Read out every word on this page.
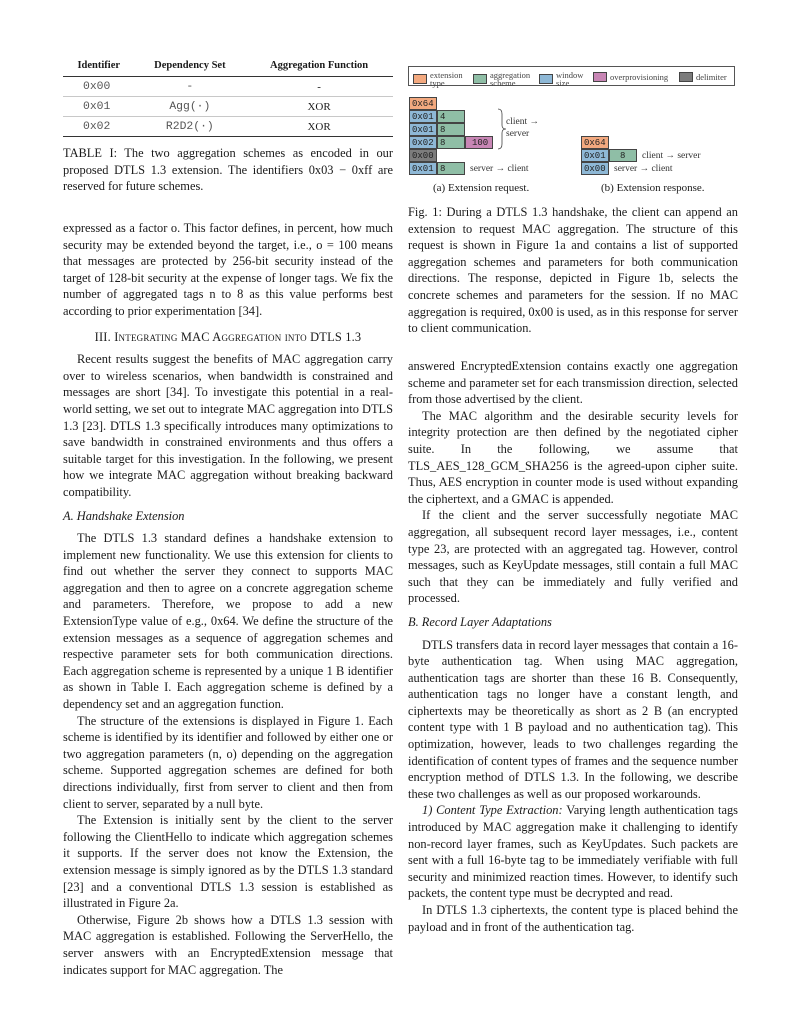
Identifier	Dependency Set	Aggregation Function
0x00	-	-
0x01	Agg(·)	XOR
0x02	R2D2(·)	XOR
TABLE I: The two aggregation schemes as encoded in our proposed DTLS 1.3 extension. The identifiers 0x03 − 0xff are reserved for future schemes.
extension
type
aggregation
scheme
window
size
overprovisioning	delimiter
0x64
0x01 4
0x01 8
0x02 8	100
0x00
0x01 8
client →
server
server → client
0x64
0x01	8
0x00
client → server
server → client
(a) Extension request.	(b) Extension response.
Fig. 1: During a DTLS 1.3 handshake, the client can append an extension to request MAC aggregation. The structure of this request is shown in Figure 1a and contains a list of supported aggregation schemes and parameters for both communication directions. The response, depicted in Figure 1b, selects the concrete schemes and parameters for the session. If no MAC aggregation is required, 0x00 is used, as in this response for server to client communication.

expressed as a factor o. This factor defines, in percent, how much security may be extended beyond the target, i.e., o = 100 means that messages are protected by 256-bit security instead of the target of 128-bit security at the expense of longer tags. We fix the number of aggregated tags n to 8 as this value performs best according to prior experimentation [34].

III. Integrating MAC Aggregation into DTLS 1.3

Recent results suggest the benefits of MAC aggregation carry over to wireless scenarios, when bandwidth is constrained and messages are short [34]. To investigate this potential in a real-world setting, we set out to integrate MAC aggregation into DTLS 1.3 [23]. DTLS 1.3 specifically introduces many optimizations to save bandwidth in constrained environments and thus offers a suitable target for this investigation. In the following, we present how we integrate MAC aggregation without breaking backward compatibility.

A. Handshake Extension

The DTLS 1.3 standard defines a handshake extension to implement new functionality. We use this extension for clients to find out whether the server they connect to supports MAC aggregation and then to agree on a concrete aggregation scheme and parameters. Therefore, we propose to add a new ExtensionType value of e.g., 0x64. We define the structure of the extension messages as a sequence of aggregation schemes and respective parameter sets for both communication directions. Each aggregation scheme is represented by a unique 1 B identifier as shown in Table I. Each aggregation scheme is defined by a dependency set and an aggregation function.

The structure of the extensions is displayed in Figure 1. Each scheme is identified by its identifier and followed by either one or two aggregation parameters (n, o) depending on the aggregation scheme. Supported aggregation schemes are defined for both directions individually, first from server to client and then from client to server, separated by a null byte.

The Extension is initially sent by the client to the server following the ClientHello to indicate which aggregation schemes it supports. If the server does not know the Extension, the extension message is simply ignored as by the DTLS 1.3 standard [23] and a conventional DTLS 1.3 session is established as illustrated in Figure 2a.

Otherwise, Figure 2b shows how a DTLS 1.3 session with MAC aggregation is established. Following the ServerHello, the server answers with an EncryptedExtension message that indicates support for MAC aggregation. The

answered EncryptedExtension contains exactly one aggregation scheme and parameter set for each transmission direction, selected from those advertised by the client.

The MAC algorithm and the desirable security levels for integrity protection are then defined by the negotiated cipher suite. In the following, we assume that TLS_AES_128_GCM_SHA256 is the agreed-upon cipher suite. Thus, AES encryption in counter mode is used without expanding the ciphertext, and a GMAC is appended.

If the client and the server successfully negotiate MAC aggregation, all subsequent record layer messages, i.e., content type 23, are protected with an aggregated tag. However, control messages, such as KeyUpdate messages, still contain a full MAC such that they can be immediately and fully verified and processed.

B. Record Layer Adaptations

DTLS transfers data in record layer messages that contain a 16-byte authentication tag. When using MAC aggregation, authentication tags are shorter than these 16 B. Consequently, authentication tags no longer have a constant length, and ciphertexts may be theoretically as short as 2 B (an encrypted content type with 1 B payload and no authentication tag). This optimization, however, leads to two challenges regarding the identification of content types of frames and the sequence number encryption method of DTLS 1.3. In the following, we describe these two challenges as well as our proposed workarounds.

1) Content Type Extraction: Varying length authentication tags introduced by MAC aggregation make it challenging to identify non-record layer frames, such as KeyUpdates. Such packets are sent with a full 16-byte tag to be immediately verifiable with full security and minimized reaction times. However, to identify such packets, the content type must be decrypted and read.

In DTLS 1.3 ciphertexts, the content type is placed behind the payload and in front of the authentication tag.
